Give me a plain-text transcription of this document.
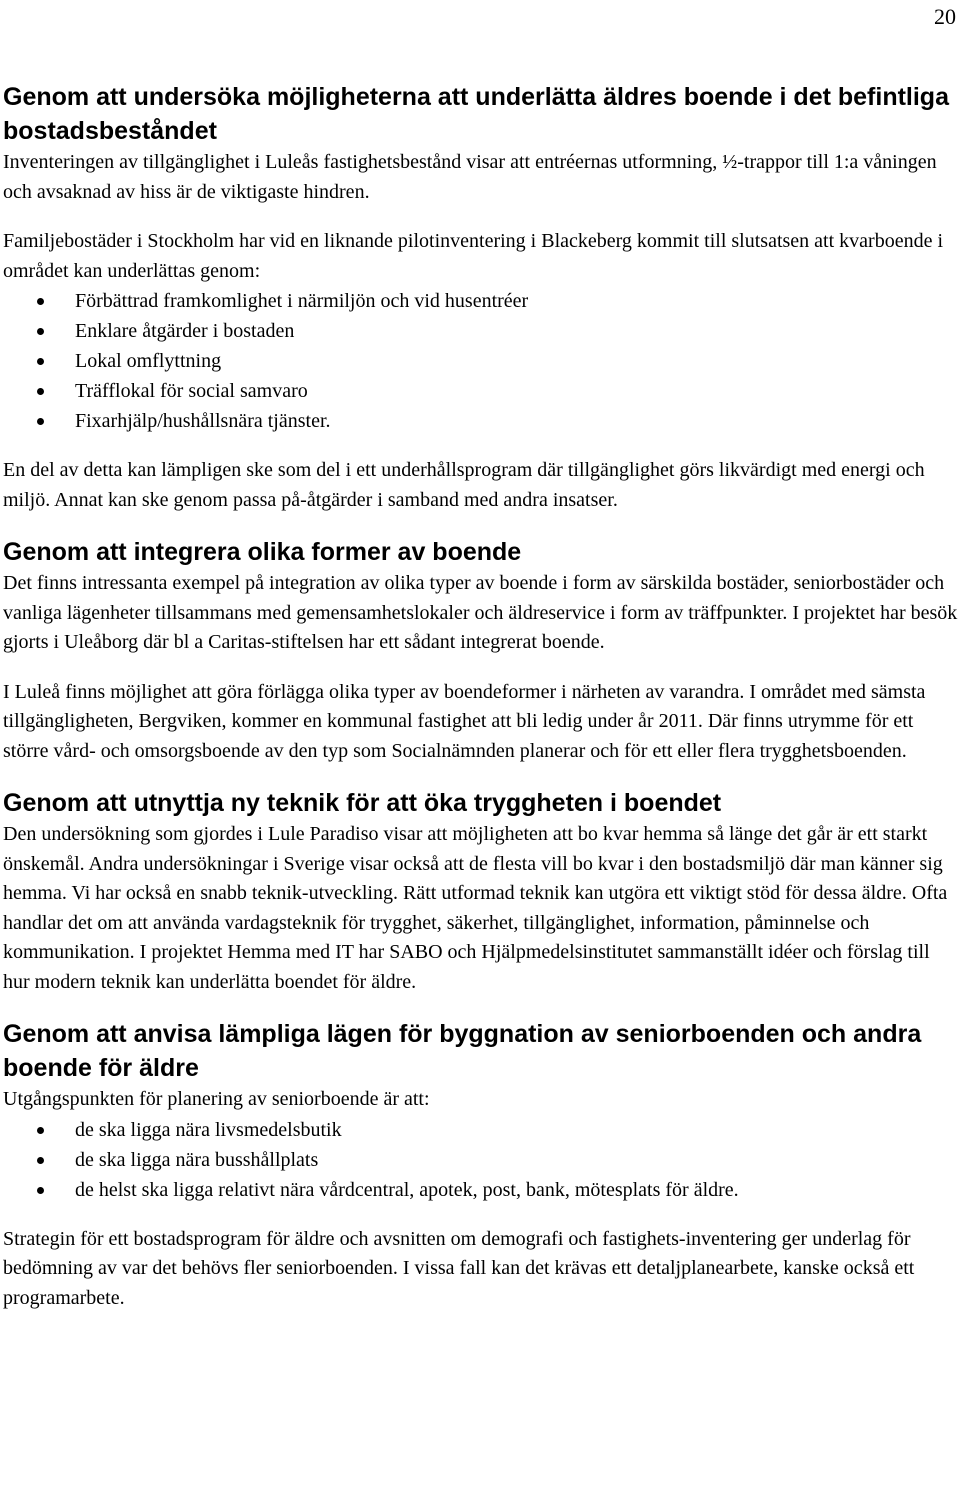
20
Genom att undersöka möjligheterna att underlätta äldres boende i det befintliga bostadsbeståndet

Inventeringen av tillgänglighet i Luleås fastighetsbestånd visar att entréernas utformning, ½-trappor till 1:a våningen och avsaknad av hiss är de viktigaste hindren.

Familjebostäder i Stockholm har vid en liknande pilotinventering i Blackeberg kommit till slutsatsen att kvarboende i området kan underlättas genom:

Förbättrad framkomlighet i närmiljön och vid husentréer
Enklare åtgärder i bostaden
Lokal omflyttning
Träfflokal för social samvaro
Fixarhjälp/hushållsnära tjänster.

En del av detta kan lämpligen ske som del i ett underhållsprogram där tillgänglighet görs likvärdigt med energi och miljö. Annat kan ske genom passa på-åtgärder i samband med andra insatser.

Genom att integrera olika former av boende

Det finns intressanta exempel på integration av olika typer av boende i form av särskilda bostäder, seniorbostäder och vanliga lägenheter tillsammans med gemensamhetslokaler och äldreservice i form av träffpunkter. I projektet har besök gjorts i Uleåborg där bl a Caritas-stiftelsen har ett sådant integrerat boende.

I Luleå finns möjlighet att göra förlägga olika typer av boendeformer i närheten av varandra. I området med sämsta tillgängligheten, Bergviken, kommer en kommunal fastighet att bli ledig under år 2011. Där finns utrymme för ett större vård- och omsorgsboende av den typ som Socialnämnden planerar och för ett eller flera trygghetsboenden.

Genom att utnyttja ny teknik för att öka tryggheten i boendet

Den undersökning som gjordes i Lule Paradiso visar att möjligheten att bo kvar hemma så länge det går är ett starkt önskemål. Andra undersökningar i Sverige visar också att de flesta vill bo kvar i den bostadsmiljö där man känner sig hemma. Vi har också en snabb teknik-utveckling. Rätt utformad teknik kan utgöra ett viktigt stöd för dessa äldre. Ofta handlar det om att använda vardagsteknik för trygghet, säkerhet, tillgänglighet, information, påminnelse och kommunikation. I projektet Hemma med IT har SABO och Hjälpmedelsinstitutet sammanställt idéer och förslag till hur modern teknik kan underlätta boendet för äldre.

Genom att anvisa lämpliga lägen för byggnation av seniorboenden och andra boende för äldre

Utgångspunkten för planering av seniorboende är att:

de ska ligga nära livsmedelsbutik
de ska ligga nära busshållplats
de helst ska ligga relativt nära vårdcentral, apotek, post, bank, mötesplats för äldre.

Strategin för ett bostadsprogram för äldre och avsnitten om demografi och fastighets-inventering ger underlag för bedömning av var det behövs fler seniorboenden. I vissa fall kan det krävas ett detaljplanearbete, kanske också ett programarbete.
